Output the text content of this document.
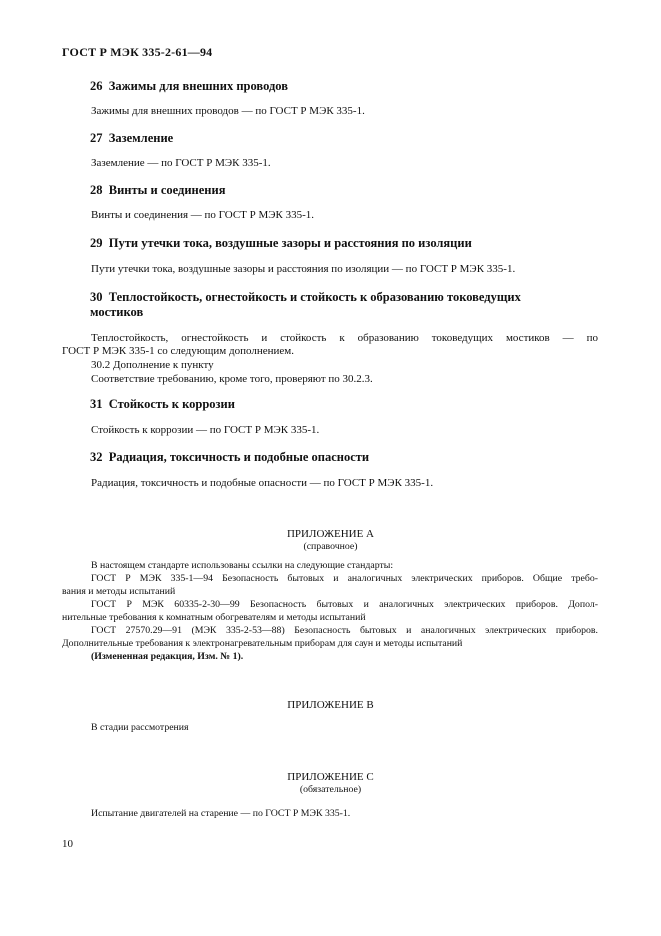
ГОСТ Р МЭК 335-2-61—94
26 Зажимы для внешних проводов
Зажимы для внешних проводов — по ГОСТ Р МЭК 335-1.
27 Заземление
Заземление — по ГОСТ Р МЭК 335-1.
28 Винты и соединения
Винты и соединения — по ГОСТ Р МЭК 335-1.
29 Пути утечки тока, воздушные зазоры и расстояния по изоляции
Пути утечки тока, воздушные зазоры и расстояния по изоляции — по ГОСТ Р МЭК 335-1.
30 Теплостойкость, огнестойкость и стойкость к образованию токоведущих
мостиков
Теплостойкость, огнестойкость и стойкость к образованию токоведущих мостиков — по
ГОСТ Р МЭК 335-1 со следующим дополнением.
30.2 Дополнение к пункту
Соответствие требованию, кроме того, проверяют по 30.2.3.
31 Стойкость к коррозии
Стойкость к коррозии — по ГОСТ Р МЭК 335-1.
32 Радиация, токсичность и подобные опасности
Радиация, токсичность и подобные опасности — по ГОСТ Р МЭК 335-1.
ПРИЛОЖЕНИЕ А
(справочное)
В настоящем стандарте использованы ссылки на следующие стандарты:
ГОСТ Р МЭК 335-1—94 Безопасность бытовых и аналогичных электрических приборов. Общие требо-
вания и методы испытаний
ГОСТ Р МЭК 60335-2-30—99 Безопасность бытовых и аналогичных электрических приборов. Допол-
нительные требования к комнатным обогревателям и методы испытаний
ГОСТ 27570.29—91 (МЭК 335-2-53—88) Безопасность бытовых и аналогичных электрических приборов.
Дополнительные требования к электронагревательным приборам для саун и методы испытаний
(Измененная редакция, Изм. № 1).
ПРИЛОЖЕНИЕ В
В стадии рассмотрения
ПРИЛОЖЕНИЕ С
(обязательное)
Испытание двигателей на старение — по ГОСТ Р МЭК 335-1.
10
